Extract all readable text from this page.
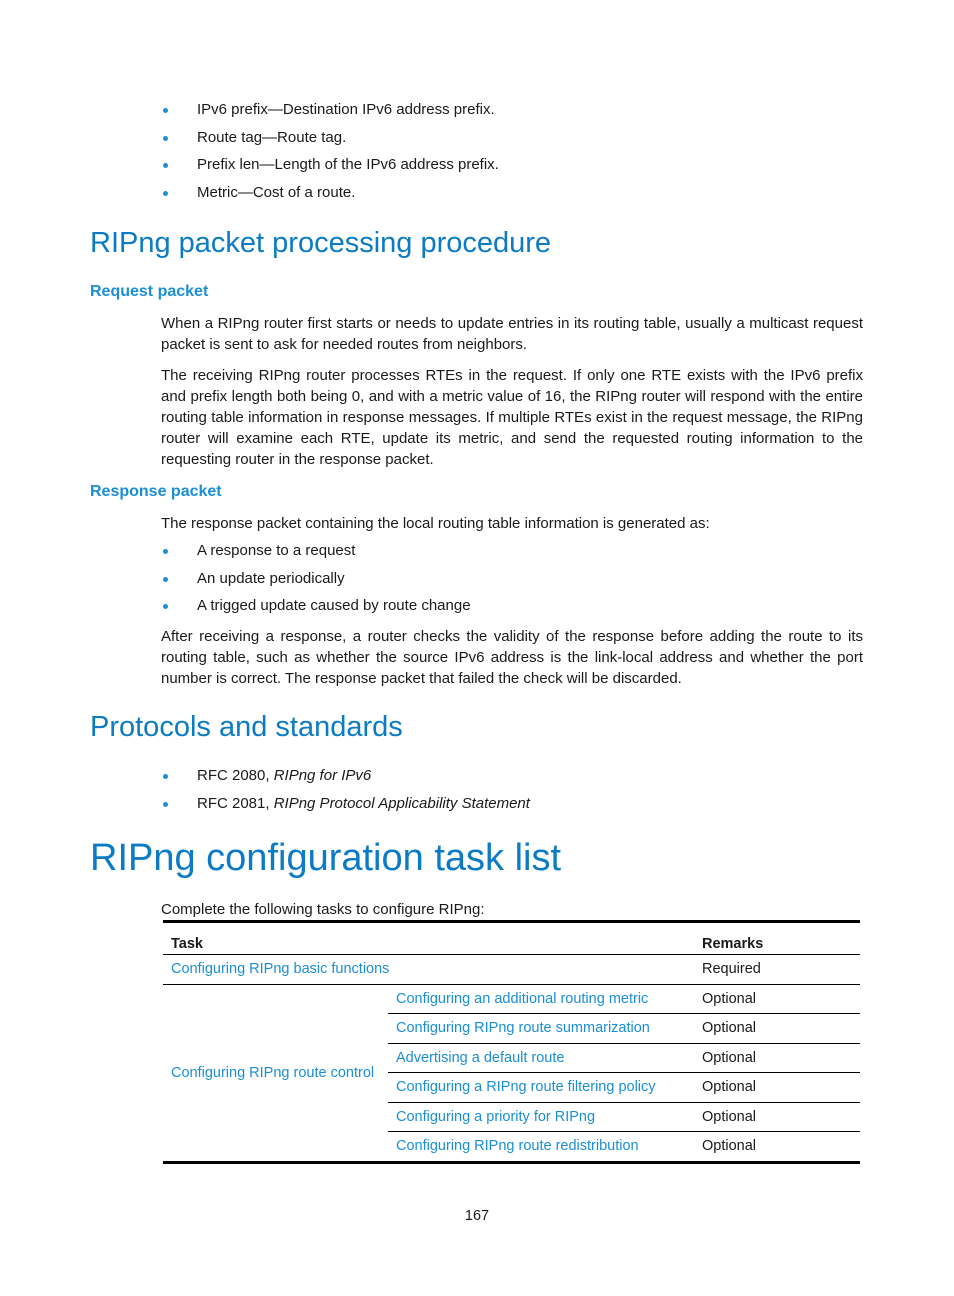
IPv6 prefix—Destination IPv6 address prefix.
Route tag—Route tag.
Prefix len—Length of the IPv6 address prefix.
Metric—Cost of a route.
RIPng packet processing procedure
Request packet

When a RIPng router first starts or needs to update entries in its routing table, usually a multicast request packet is sent to ask for needed routes from neighbors.

The receiving RIPng router processes RTEs in the request. If only one RTE exists with the IPv6 prefix and prefix length both being 0, and with a metric value of 16, the RIPng router will respond with the entire routing table information in response messages. If multiple RTEs exist in the request message, the RIPng router will examine each RTE, update its metric, and send the requested routing information to the requesting router in the response packet.

Response packet

The response packet containing the local routing table information is generated as:

A response to a request
An update periodically
A trigged update caused by route change

After receiving a response, a router checks the validity of the response before adding the route to its routing table, such as whether the source IPv6 address is the link-local address and whether the port number is correct. The response packet that failed the check will be discarded.

Protocols and standards
RFC 2080, RIPng for IPv6
RFC 2081, RIPng Protocol Applicability Statement
RIPng configuration task list

Complete the following tasks to configure RIPng:

Task		Remarks
Configuring RIPng basic functions		Required
Configuring RIPng route control	Configuring an additional routing metric	Optional
	Configuring RIPng route summarization	Optional
	Advertising a default route	Optional
	Configuring a RIPng route filtering policy	Optional
	Configuring a priority for RIPng	Optional
	Configuring RIPng route redistribution	Optional
167
